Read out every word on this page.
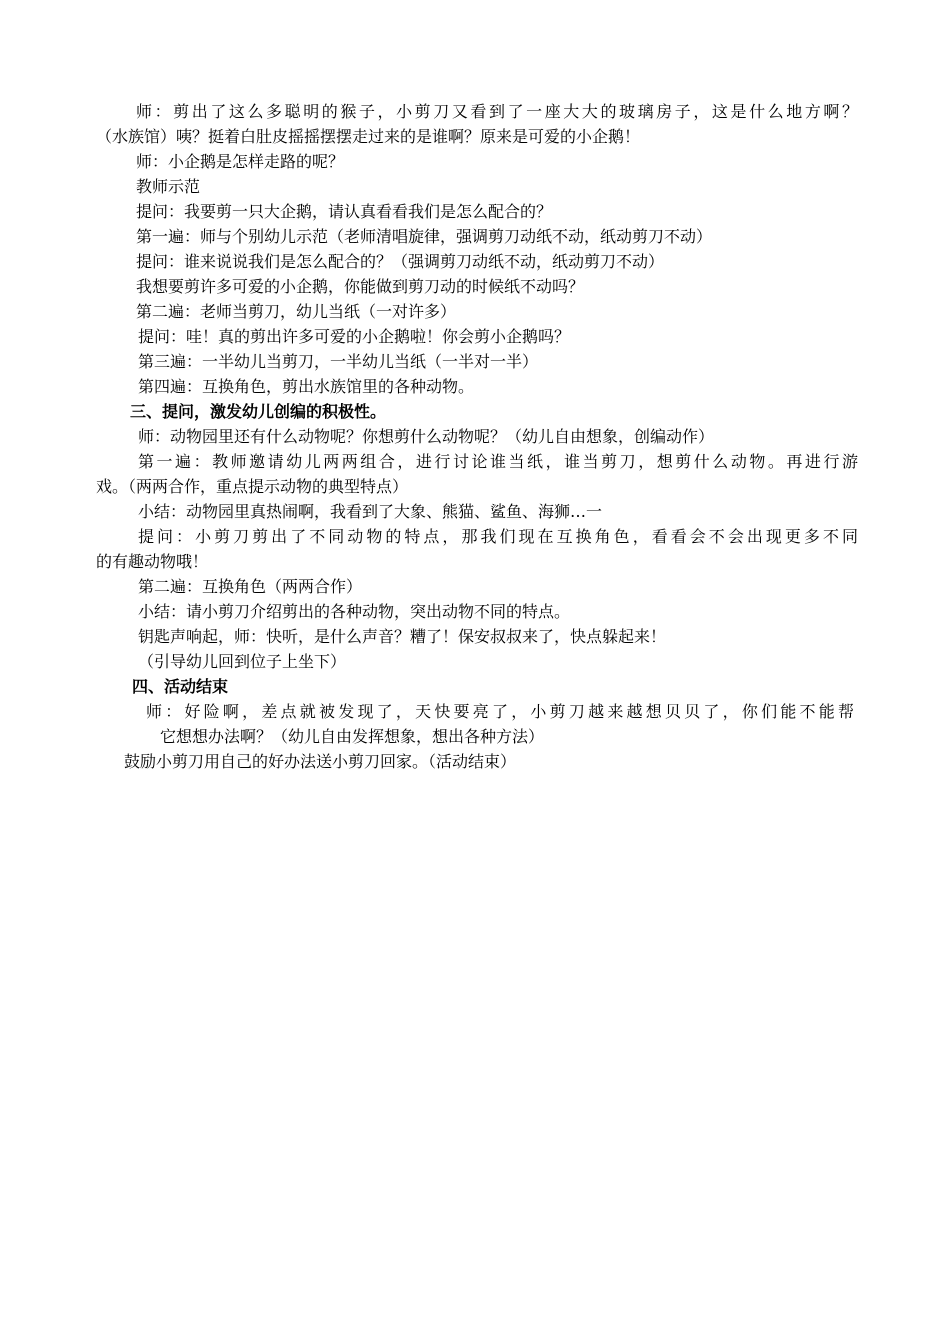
师：剪出了这么多聪明的猴子，小剪刀又看到了一座大大的玻璃房子，这是什么地方啊？
（水族馆）咦？挺着白肚皮摇摇摆摆走过来的是谁啊？原来是可爱的小企鹅！
师：小企鹅是怎样走路的呢？
教师示范
提问：我要剪一只大企鹅，请认真看看我们是怎么配合的？
第一遍：师与个别幼儿示范（老师清唱旋律，强调剪刀动纸不动，纸动剪刀不动）
提问：谁来说说我们是怎么配合的？（强调剪刀动纸不动，纸动剪刀不动）
我想要剪许多可爱的小企鹅，你能做到剪刀动的时候纸不动吗？
第二遍：老师当剪刀，幼儿当纸（一对许多）
提问：哇！真的剪出许多可爱的小企鹅啦！你会剪小企鹅吗？
第三遍：一半幼儿当剪刀，一半幼儿当纸（一半对一半）
第四遍：互换角色，剪出水族馆里的各种动物。
三、提问，激发幼儿创编的积极性。
师：动物园里还有什么动物呢？你想剪什么动物呢？（幼儿自由想象，创编动作）
第一遍：教师邀请幼儿两两组合，进行讨论谁当纸，谁当剪刀，想剪什么动物。再进行游
戏。（两两合作，重点提示动物的典型特点）
小结：动物园里真热闹啊，我看到了大象、熊猫、鲨鱼、海狮…一
提问：小剪刀剪出了不同动物的特点，那我们现在互换角色，看看会不会出现更多不同
的有趣动物哦！
第二遍：互换角色（两两合作）
小结：请小剪刀介绍剪出的各种动物，突出动物不同的特点。
钥匙声响起，师：快听，是什么声音？糟了！保安叔叔来了，快点躲起来！
（引导幼儿回到位子上坐下）
四、活动结束
师：好险啊，差点就被发现了，天快要亮了，小剪刀越来越想贝贝了，你们能不能帮
它想想办法啊？（幼儿自由发挥想象，想出各种方法）
鼓励小剪刀用自己的好办法送小剪刀回家。（活动结束）
